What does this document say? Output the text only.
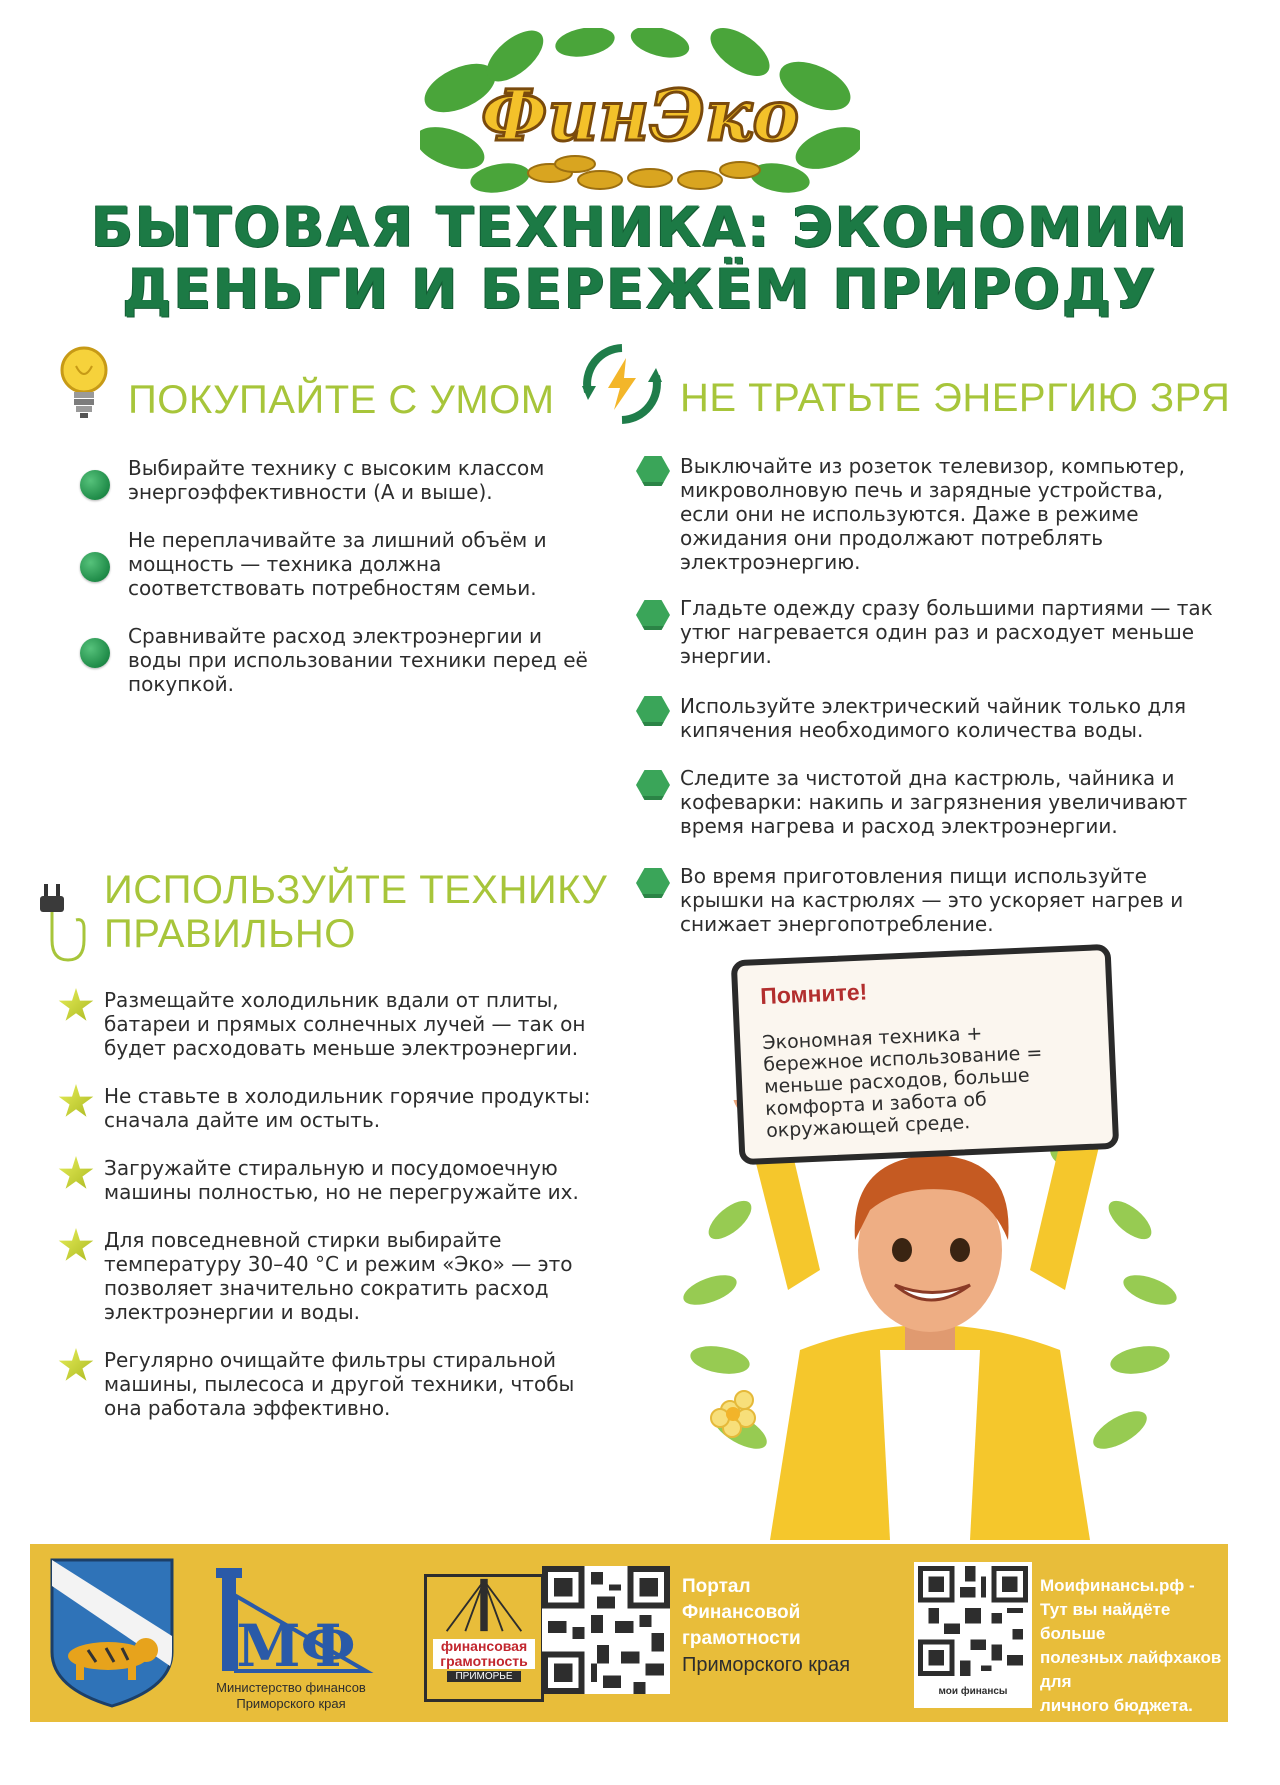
ФинЭко
БЫТОВАЯ ТЕХНИКА: ЭКОНОМИМ
ДЕНЬГИ И БЕРЕЖЁМ ПРИРОДУ
ПОКУПАЙТЕ С УМОМ
Выбирайте технику с высоким классом энергоэффективности (А и выше).
Не переплачивайте за лишний объём и мощность — техника должна соответствовать потребностям семьи.
Сравнивайте расход электроэнергии и воды при использовании техники перед её покупкой.
НЕ ТРАТЬТЕ ЭНЕРГИЮ ЗРЯ
Выключайте из розеток телевизор, компьютер, микроволновую печь и зарядные устройства, если они не используются. Даже в режиме ожидания они продолжают потреблять электроэнергию.
Гладьте одежду сразу большими партиями — так утюг нагревается один раз и расходует меньше энергии.
Используйте электрический чайник только для кипячения необходимого количества воды.
Следите за чистотой дна кастрюль, чайника и кофеварки: накипь и загрязнения увеличивают время нагрева и расход электроэнергии.
Во время приготовления пищи используйте крышки на кастрюлях — это ускоряет нагрев и снижает энергопотребление.
ИСПОЛЬЗУЙТЕ ТЕХНИКУ
ПРАВИЛЬНО
Размещайте холодильник вдали от плиты, батареи и прямых солнечных лучей — так он будет расходовать меньше электроэнергии.
Не ставьте в холодильник горячие продукты: сначала дайте им остыть.
Загружайте стиральную и посудомоечную машины полностью, но не перегружайте их.
Для повседневной стирки выбирайте температуру 30–40 °С и режим «Эко» — это позволяет значительно сократить расход электроэнергии и воды.
Регулярно очищайте фильтры стиральной машины, пылесоса и другой техники, чтобы она работала эффективно.
Помните!
Экономная техника + бережное использование = меньше расходов, больше комфорта и забота об окружающей среде.
МФ
Министерство финансов
Приморского края
финансовая
грамотность
ПРИМОРЬЕ
Портал
Финансовой
грамотности
Приморского края
мои финансы
Моифинансы.рф -
Тут вы найдёте больше
полезных лайфхаков для
личного бюджета.
